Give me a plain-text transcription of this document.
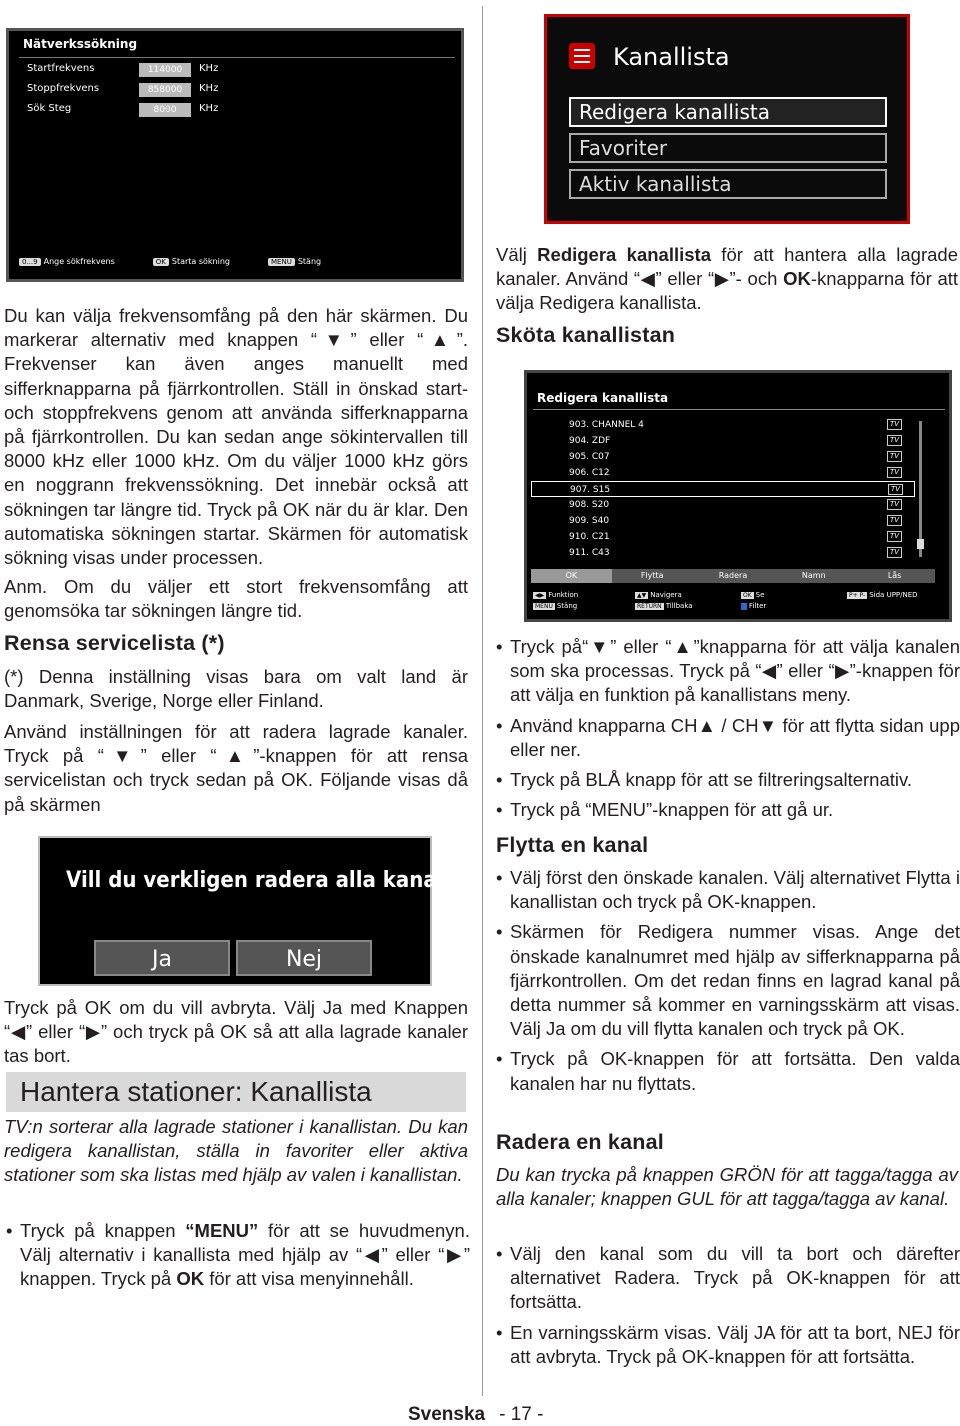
Nätverkssökning
Startfrekvens	114000	KHz
Stoppfrekvens	858000	KHz
Sök Steg	8000	KHz
0...9 Ange sökfrekvens	OK Starta sökning	MENU Stäng

Du kan välja frekvensomfång på den här skärmen. Du markerar alternativ med knappen “▼” eller “▲”. Frekvenser kan även anges manuellt med sifferknapparna på fjärrkontrollen. Ställ in önskad start- och stoppfrekvens genom att använda sifferknapparna på fjärrkontrollen. Du kan sedan ange sökintervallen till 8000 kHz eller 1000 kHz. Om du väljer 1000 kHz görs en noggrann frekvenssökning. Det innebär också att sökningen tar längre tid. Tryck på OK när du är klar. Den automatiska sökningen startar. Skärmen för automatisk sökning visas under processen.

Anm. Om du väljer ett stort frekvensomfång att genomsöka tar sökningen längre tid.

Rensa servicelista (*)

(*) Denna inställning visas bara om valt land är Danmark, Sverige, Norge eller Finland.

Använd inställningen för att radera lagrade kanaler. Tryck på “▼” eller “▲”-knappen för att rensa servicelistan och tryck sedan på OK. Följande visas då på skärmen

Vill du verkligen radera alla kanaler?
Ja	Nej

Tryck på OK om du vill avbryta. Välj Ja med Knappen “◀” eller “▶” och tryck på OK så att alla lagrade kanaler tas bort.

Hantera stationer: Kanallista

TV:n sorterar alla lagrade stationer i kanallistan. Du kan redigera kanallistan, ställa in favoriter eller aktiva stationer som ska listas med hjälp av valen i kanallistan.

• Tryck på knappen “MENU” för att se huvudmenyn. Välj alternativ i kanallista med hjälp av “◀” eller “▶” knappen. Tryck på OK för att visa menyinnehåll.
Kanallista
Redigera kanallista
Favoriter
Aktiv kanallista

Välj Redigera kanallista för att hantera alla lagrade kanaler. Använd “◀” eller “▶”- och OK-knapparna för att välja Redigera kanallista.

Sköta kanallistan
Redigera kanallista
903. CHANNEL 4	TV
904. ZDF	TV
905. C07	TV
906. C12	TV
907. S15	TV
908. S20	TV
909. S40	TV
910. C21	TV
911. C43	TV
OK	Flytta	Radera	Namn	Lås
◀▶ Funktion	▲▼ Navigera	OK Se	P+ P- Sida UPP/NED
MENU Stäng	RETURN Tillbaka	Filter
• Tryck på“▼” eller “▲”knapparna för att välja kanalen som ska processas. Tryck på “◀” eller “▶”-knappen för att välja en funktion på kanallistans meny.
• Använd knapparna CH▲ / CH▼ för att flytta sidan upp eller ner.
• Tryck på BLÅ knapp för att se filtreringsalternativ.
• Tryck på “MENU”-knappen för att gå ur.
Flytta en kanal
• Välj först den önskade kanalen. Välj alternativet Flytta i kanallistan och tryck på OK-knappen.
• Skärmen för Redigera nummer visas. Ange det önskade kanalnumret med hjälp av sifferknapparna på fjärrkontrollen. Om det redan finns en lagrad kanal på detta nummer så kommer en varningsskärm att visas. Välj Ja om du vill flytta kanalen och tryck på OK.
• Tryck på OK-knappen för att fortsätta. Den valda kanalen har nu flyttats.
Radera en kanal

Du kan trycka på knappen GRÖN för att tagga/tagga av alla kanaler; knappen GUL för att tagga/tagga av kanal.

• Välj den kanal som du vill ta bort och därefter alternativet Radera. Tryck på OK-knappen för att fortsätta.
• En varningsskärm visas. Välj JA för att ta bort, NEJ för att avbryta. Tryck på OK-knappen för att fortsätta.
Svenska - 17 -
